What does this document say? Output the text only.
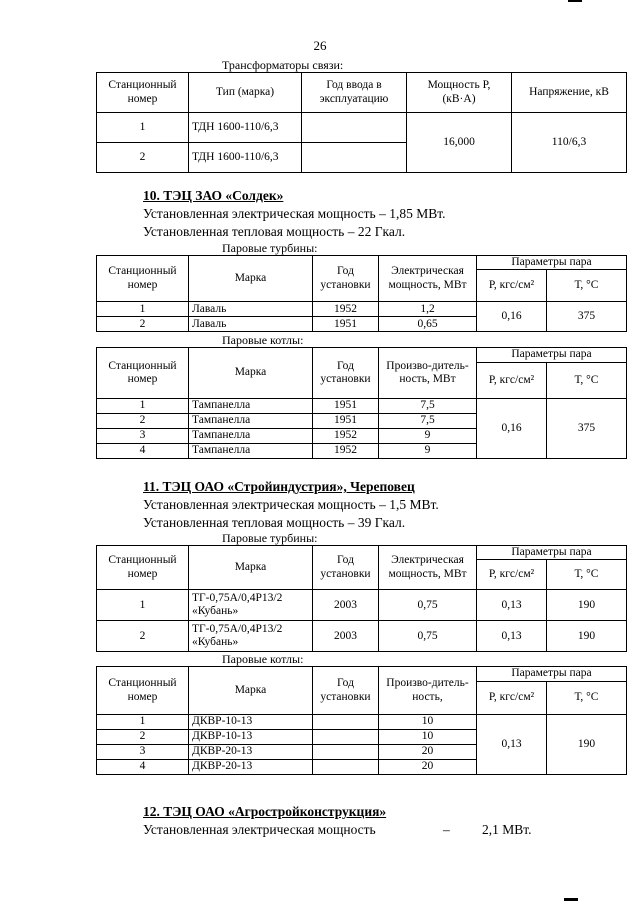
26
Трансформаторы связи:
Станционный номер	Тип (марка)	Год ввода в эксплуатацию	Мощность Р, (кВ·А)	Напряжение, кВ
1	ТДН 1600-110/6,3		16,000	110/6,3
2	ТДН 1600-110/6,3			
10. ТЭЦ ЗАО «Солдек»
Установленная электрическая мощность – 1,85 МВт.
Установленная тепловая мощность – 22 Гкал.
Паровые турбины:
Станционный номер	Марка	Год установки	Электрическая мощность, МВт	Параметры пара	
				Р, кгс/см²	Т, °С
1	Лаваль	1952	1,2	0,16	375
2	Лаваль	1951	0,65		
Паровые котлы:
Станционный номер	Марка	Год установки	Произво-дитель-ность, МВт	Параметры пара	
				Р, кгс/см²	Т, °С
1	Тампанелла	1951	7,5	0,16	375
2	Тампанелла	1951	7,5		
3	Тампанелла	1952	9		
4	Тампанелла	1952	9		
11. ТЭЦ ОАО «Стройиндустрия», Череповец
Установленная электрическая мощность – 1,5 МВт.
Установленная тепловая мощность – 39 Гкал.
Паровые турбины:
Станционный номер	Марка	Год установки	Электрическая мощность, МВт	Параметры пара	
				Р, кгс/см²	Т, °С
1	ТГ-0,75А/0,4Р13/2 «Кубань»	2003	0,75	0,13	190
2	ТГ-0,75А/0,4Р13/2 «Кубань»	2003	0,75	0,13	190
Паровые котлы:
Станционный номер	Марка	Год установки	Произво-дитель-ность,	Параметры пара	
				Р, кгс/см²	Т, °С
1	ДКВР-10-13		10	0,13	190
2	ДКВР-10-13		10		
3	ДКВР-20-13		20		
4	ДКВР-20-13		20		
12. ТЭЦ ОАО «Агростройконструкция»
Установленная электрическая мощность	– 2,1 МВт.
